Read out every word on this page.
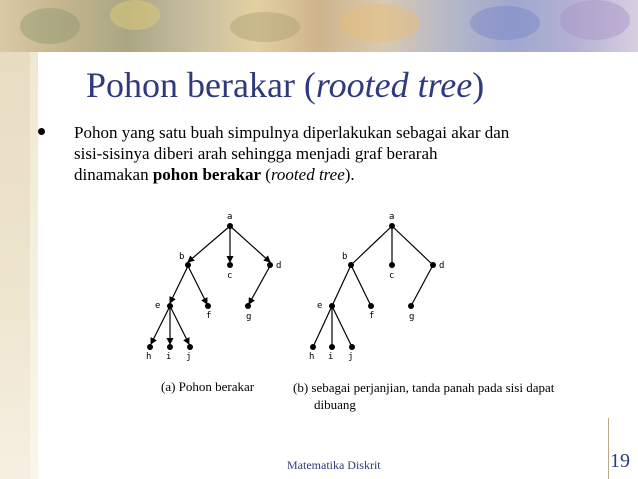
Pohon berakar (rooted tree)
Pohon yang satu buah simpulnya diperlakukan sebagai akar dan
sisi-sisinya diberi arah sehingga menjadi graf berarah
dinamakan pohon berakar (rooted tree).
a
b
c
d
e
f	g
h i j
a
b
c
d
e
f	g
h i j
(a) Pohon berakar	(b) sebagai perjanjian, tanda panah pada sisi dapat
dibuang
Matematika Diskrit	19
